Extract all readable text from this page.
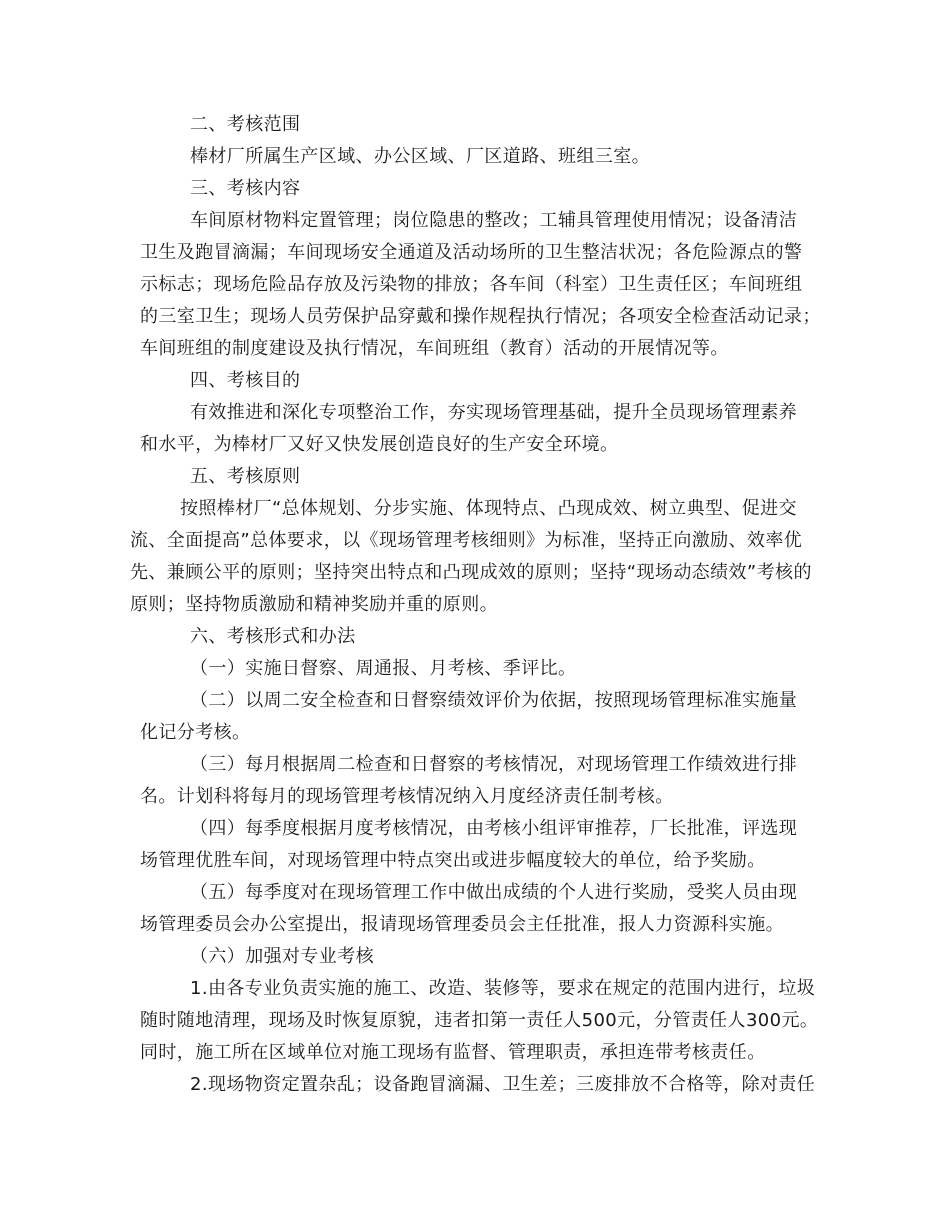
二、考核范围
棒材厂所属生产区域、办公区域、厂区道路、班组三室。
三、考核内容
车间原材物料定置管理；岗位隐患的整改；工辅具管理使用情况；设备清洁
卫生及跑冒滴漏；车间现场安全通道及活动场所的卫生整洁状况；各危险源点的警
示标志；现场危险品存放及污染物的排放；各车间（科室）卫生责任区；车间班组
的三室卫生；现场人员劳保护品穿戴和操作规程执行情况；各项安全检查活动记录；
车间班组的制度建设及执行情况，车间班组（教育）活动的开展情况等。
四、考核目的
有效推进和深化专项整治工作，夯实现场管理基础，提升全员现场管理素养
和水平，为棒材厂又好又快发展创造良好的生产安全环境。
五、考核原则
按照棒材厂“总体规划、分步实施、体现特点、凸现成效、树立典型、促进交
流、全面提高”总体要求，以《现场管理考核细则》为标准，坚持正向激励、效率优
先、兼顾公平的原则；坚持突出特点和凸现成效的原则；坚持“现场动态绩效”考核的
原则；坚持物质激励和精神奖励并重的原则。
六、考核形式和办法
（一）实施日督察、周通报、月考核、季评比。
（二）以周二安全检查和日督察绩效评价为依据，按照现场管理标准实施量
化记分考核。
（三）每月根据周二检查和日督察的考核情况，对现场管理工作绩效进行排
名。计划科将每月的现场管理考核情况纳入月度经济责任制考核。
（四）每季度根据月度考核情况，由考核小组评审推荐，厂长批准，评选现
场管理优胜车间，对现场管理中特点突出或进步幅度较大的单位，给予奖励。
（五）每季度对在现场管理工作中做出成绩的个人进行奖励，受奖人员由现
场管理委员会办公室提出，报请现场管理委员会主任批准，报人力资源科实施。
（六）加强对专业考核
1.由各专业负责实施的施工、改造、装修等，要求在规定的范围内进行，垃圾
随时随地清理，现场及时恢复原貌，违者扣第一责任人500元，分管责任人300元。
同时，施工所在区域单位对施工现场有监督、管理职责，承担连带考核责任。
2.现场物资定置杂乱；设备跑冒滴漏、卫生差；三废排放不合格等，除对责任
